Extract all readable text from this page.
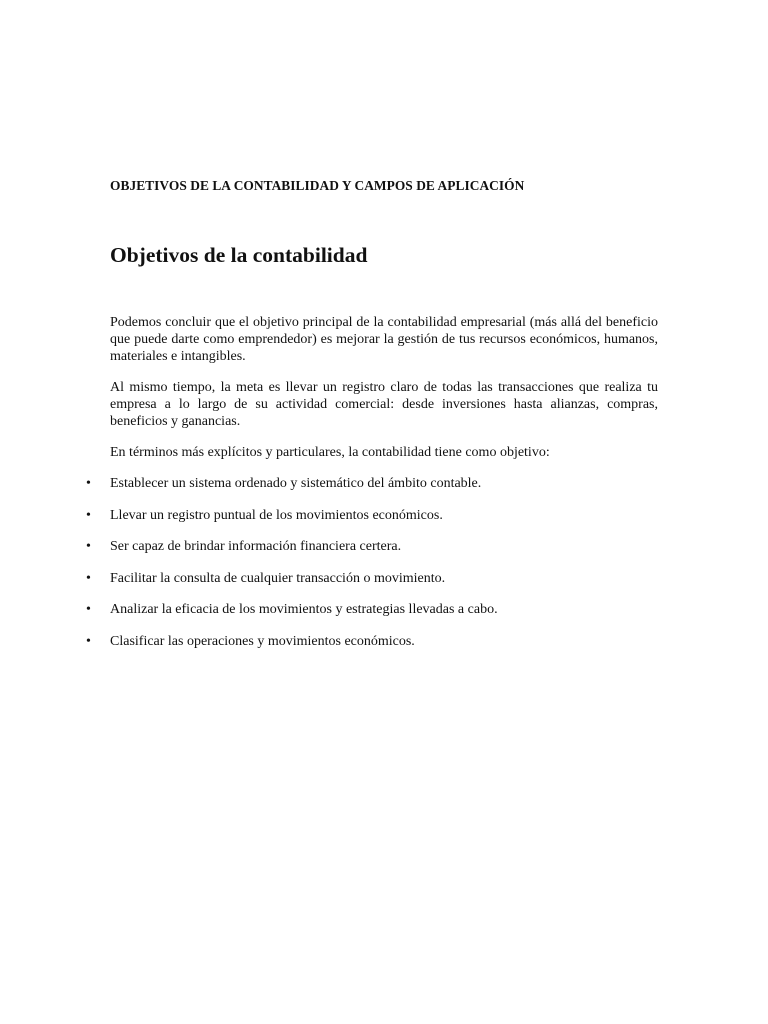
OBJETIVOS DE LA CONTABILIDAD Y CAMPOS DE APLICACIÓN
Objetivos de la contabilidad

Podemos concluir que el objetivo principal de la contabilidad empresarial (más allá del beneficio que puede darte como emprendedor) es mejorar la gestión de tus recursos económicos, humanos, materiales e intangibles.

Al mismo tiempo, la meta es llevar un registro claro de todas las transacciones que realiza tu empresa a lo largo de su actividad comercial: desde inversiones hasta alianzas, compras, beneficios y ganancias.

En términos más explícitos y particulares, la contabilidad tiene como objetivo:

• Establecer un sistema ordenado y sistemático del ámbito contable.
• Llevar un registro puntual de los movimientos económicos.
• Ser capaz de brindar información financiera certera.
• Facilitar la consulta de cualquier transacción o movimiento.
• Analizar la eficacia de los movimientos y estrategias llevadas a cabo.
• Clasificar las operaciones y movimientos económicos.
